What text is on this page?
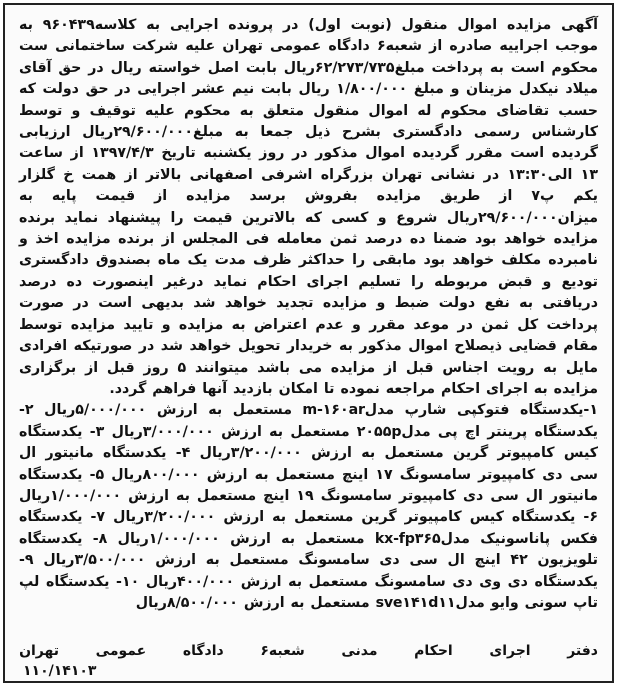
آگهی مزایده اموال منقول (نوبت اول) در پرونده اجرایی به کلاسه۹۶۰۴۳۹ به موجب اجراییه صادره از شعبه۶ دادگاه عمومی تهران علیه شرکت ساختمانی ست محکوم است به پرداخت مبلغ۶۲/۲۷۳/۷۳۵ریال بابت اصل خواسته ریال در حق آقای میلاد نیکدل مزینان و مبلغ ۱/۸۰۰/۰۰۰ ریال بابت نیم عشر اجرایی در حق دولت که حسب تقاضای محکوم له اموال منقول متعلق به محکوم علیه توقیف و توسط کارشناس رسمی دادگستری بشرح ذیل جمعا به مبلغ۲۹/۶۰۰/۰۰۰ریال ارزیابی گردیده است مقرر گردیده اموال مذکور در روز یکشنبه تاریخ ۱۳۹۷/۴/۳ از ساعت ۱۳ الی۱۳:۳۰ در نشانی تهران بزرگراه اشرفی اصفهانی بالاتر از همت خ گلزار یکم پ۷ از طریق مزایده بفروش برسد مزایده از قیمت پایه به میزان۲۹/۶۰۰/۰۰۰ریال شروع و کسی که بالاترین قیمت را پیشنهاد نماید برنده مزایده خواهد بود ضمنا ده درصد ثمن معامله فی المجلس از برنده مزایده اخذ و نامبرده مکلف خواهد بود مابقی را حداکثر ظرف مدت یک ماه بصندوق دادگستری تودیع و قبض مربوطه را تسلیم اجرای احکام نماید درغیر اینصورت ده درصد دریافتی به نفع دولت ضبط و مزایده تجدید خواهد شد بدیهی است در صورت پرداخت کل ثمن در موعد مقرر و عدم اعتراض به مزایده و تایید مزایده توسط مقام قضایی ذیصلاح اموال مذکور به خریدار تحویل خواهد شد در صورتیکه افرادی مایل به رویت اجناس قبل از مزایده می باشد میتوانند ۵ روز قبل از برگزاری مزایده به اجرای احکام مراجعه نموده تا امکان بازدید آنها فراهم گردد.

۱-یکدستگاه فتوکپی شارپ مدلm-۱۶۰ar مستعمل به ارزش ۵/۰۰۰/۰۰۰ریال ۲- یکدستگاه پرینتر اچ پی مدل۲۰۵۵p مستعمل به ارزش ۳/۰۰۰/۰۰۰ریال ۳- یکدستگاه کیس کامپیوتر گرین مستعمل به ارزش ۳/۲۰۰/۰۰۰ریال ۴- یکدستگاه مانیتور ال سی دی کامپیوتر سامسونگ ۱۷ اینچ مستعمل به ارزش ۸۰۰/۰۰۰ریال ۵- یکدستگاه مانیتور ال سی دی کامپیوتر سامسونگ ۱۹ اینچ مستعمل به ارزش ۱/۰۰۰/۰۰۰ریال ۶- یکدستگاه کیس کامپیوتر گرین مستعمل به ارزش ۳/۲۰۰/۰۰۰ریال ۷- یکدستگاه فکس پاناسونیک مدلkx-fp۳۶۵ مستعمل به ارزش ۱/۰۰۰/۰۰۰ریال ۸- یکدستگاه تلویزیون ۴۲ اینچ ال سی دی سامسونگ مستعمل به ارزش ۳/۵۰۰/۰۰۰ریال ۹- یکدستگاه دی وی دی سامسونگ مستعمل به ارزش ۴۰۰/۰۰۰ریال ۱۰- یکدستگاه لپ تاپ سونی وایو مدلsve۱۴۱d۱۱ مستعمل به ارزش ۸/۵۰۰/۰۰۰ریال

دفتر
اجرای
احکام
مدنی
شعبه۶
دادگاه
عمومی
تهران
۱۱۰/۱۴۱۰۳
